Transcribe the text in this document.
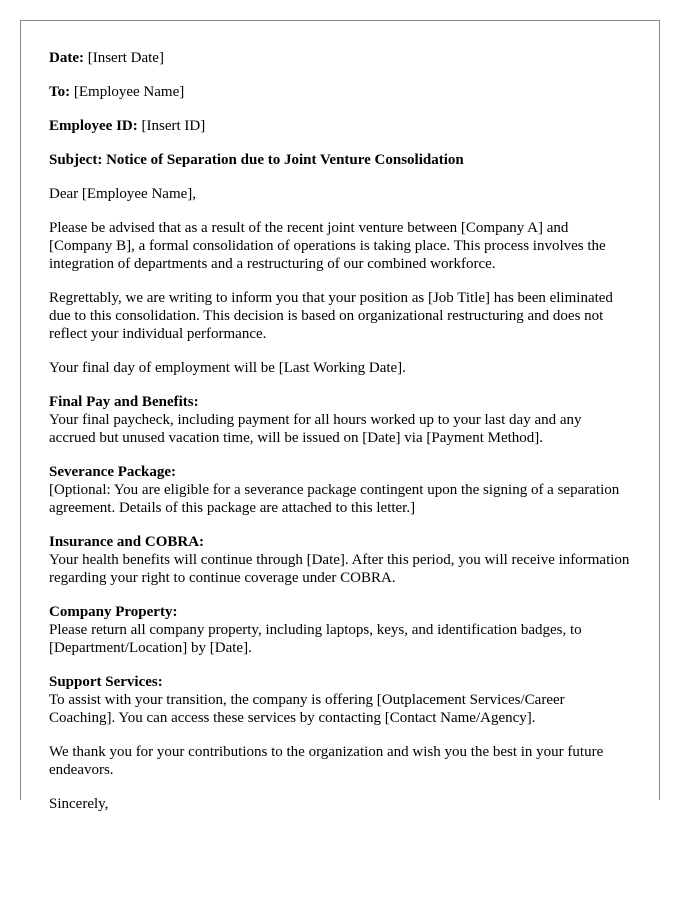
Date: [Insert Date]

To: [Employee Name]

Employee ID: [Insert ID]

Subject: Notice of Separation due to Joint Venture Consolidation

Dear [Employee Name],

Please be advised that as a result of the recent joint venture between [Company A] and [Company B], a formal consolidation of operations is taking place. This process involves the integration of departments and a restructuring of our combined workforce.

Regrettably, we are writing to inform you that your position as [Job Title] has been eliminated due to this consolidation. This decision is based on organizational restructuring and does not reflect your individual performance.

Your final day of employment will be [Last Working Date].

Final Pay and Benefits:
Your final paycheck, including payment for all hours worked up to your last day and any accrued but unused vacation time, will be issued on [Date] via [Payment Method].

Severance Package:
[Optional: You are eligible for a severance package contingent upon the signing of a separation agreement. Details of this package are attached to this letter.]

Insurance and COBRA:
Your health benefits will continue through [Date]. After this period, you will receive information regarding your right to continue coverage under COBRA.

Company Property:
Please return all company property, including laptops, keys, and identification badges, to [Department/Location] by [Date].

Support Services:
To assist with your transition, the company is offering [Outplacement Services/Career Coaching]. You can access these services by contacting [Contact Name/Agency].

We thank you for your contributions to the organization and wish you the best in your future endeavors.

Sincerely,
